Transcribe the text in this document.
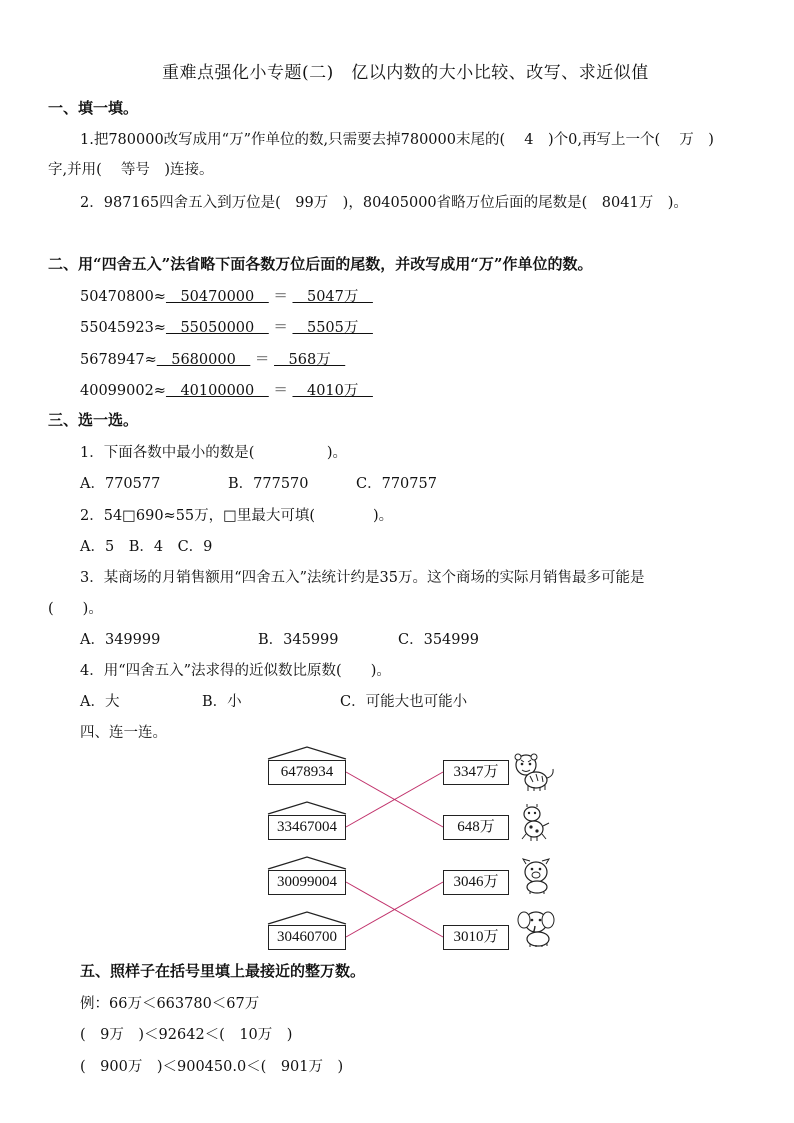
重难点强化小专题(二)　亿以内数的大小比较、改写、求近似值
一、填一填。
1.把780000改写成用“万”作单位的数,只需要去掉780000末尾的(　 4　)个0,再写上一个(　 万　)
字,并用(　 等号　)连接。
2．987165四舍五入到万位是(　99万　)，80405000省略万位后面的尾数是(　8041万　)。
二、用“四舍五入”法省略下面各数万位后面的尾数，并改写成用“万”作单位的数。
50470800≈　50470000　 ＝ 　5047万　
55045923≈　55050000　 ＝ 　5505万　
5678947≈　5680000　 ＝ 　568万　
40099002≈　40100000　 ＝ 　4010万　
三、选一选。
1．下面各数中最小的数是(　　　　　)。
A．770577	B．777570	C．770757
2．54□690≈55万，□里最大可填(　　　　)。
A．5　B．4　C．9
3．某商场的月销售额用“四舍五入”法统计约是35万。这个商场的实际月销售最多可能是
(　　)。
A．349999	B．345999	C．354999
4．用“四舍五入”法求得的近似数比原数(　　)。
A．大	B．小	C．可能大也可能小
四、连一连。
6478934
33467004
30099004
30460700
3347万
648万
3046万
3010万
五、照样子在括号里填上最接近的整万数。
例：66万＜663780＜67万
(　9万　)＜92642＜(　10万　)
(　900万　)＜900450.0＜(　901万　)
